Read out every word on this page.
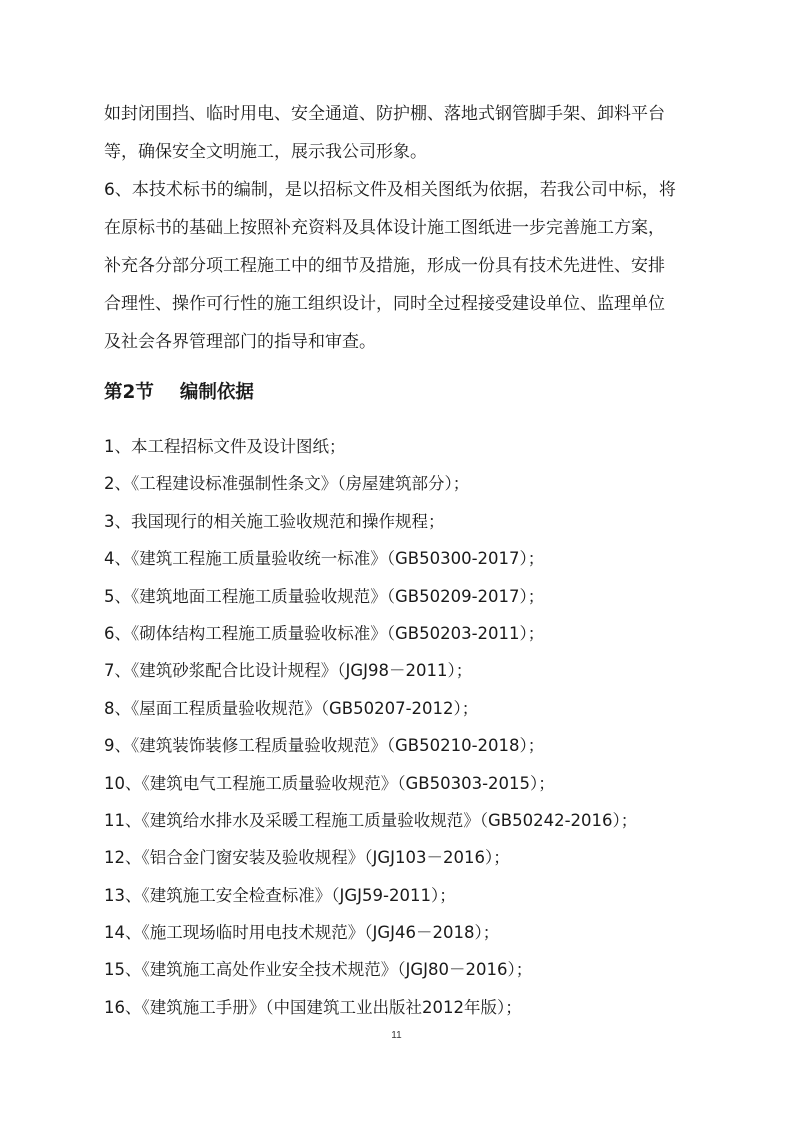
如封闭围挡、临时用电、安全通道、防护棚、落地式钢管脚手架、卸料平台

等，确保安全文明施工，展示我公司形象。

6、本技术标书的编制，是以招标文件及相关图纸为依据，若我公司中标，将

在原标书的基础上按照补充资料及具体设计施工图纸进一步完善施工方案，

补充各分部分项工程施工中的细节及措施，形成一份具有技术先进性、安排

合理性、操作可行性的施工组织设计，同时全过程接受建设单位、监理单位

及社会各界管理部门的指导和审查。

第2节 编制依据
1、本工程招标文件及设计图纸；
2、《工程建设标准强制性条文》（房屋建筑部分）；
3、我国现行的相关施工验收规范和操作规程；
4、《建筑工程施工质量验收统一标准》（GB50300-2017）；
5、《建筑地面工程施工质量验收规范》（GB50209-2017）；
6、《砌体结构工程施工质量验收标准》（GB50203-2011）；
7、《建筑砂浆配合比设计规程》（JGJ98－2011）；
8、《屋面工程质量验收规范》（GB50207-2012）；
9、《建筑装饰装修工程质量验收规范》（GB50210-2018）；
10、《建筑电气工程施工质量验收规范》（GB50303-2015）；
11、《建筑给水排水及采暖工程施工质量验收规范》（GB50242-2016）；
12、《铝合金门窗安装及验收规程》（JGJ103－2016）；
13、《建筑施工安全检查标准》（JGJ59-2011）；
14、《施工现场临时用电技术规范》（JGJ46－2018）；
15、《建筑施工高处作业安全技术规范》（JGJ80－2016）；
16、《建筑施工手册》（中国建筑工业出版社2012年版）；
11
